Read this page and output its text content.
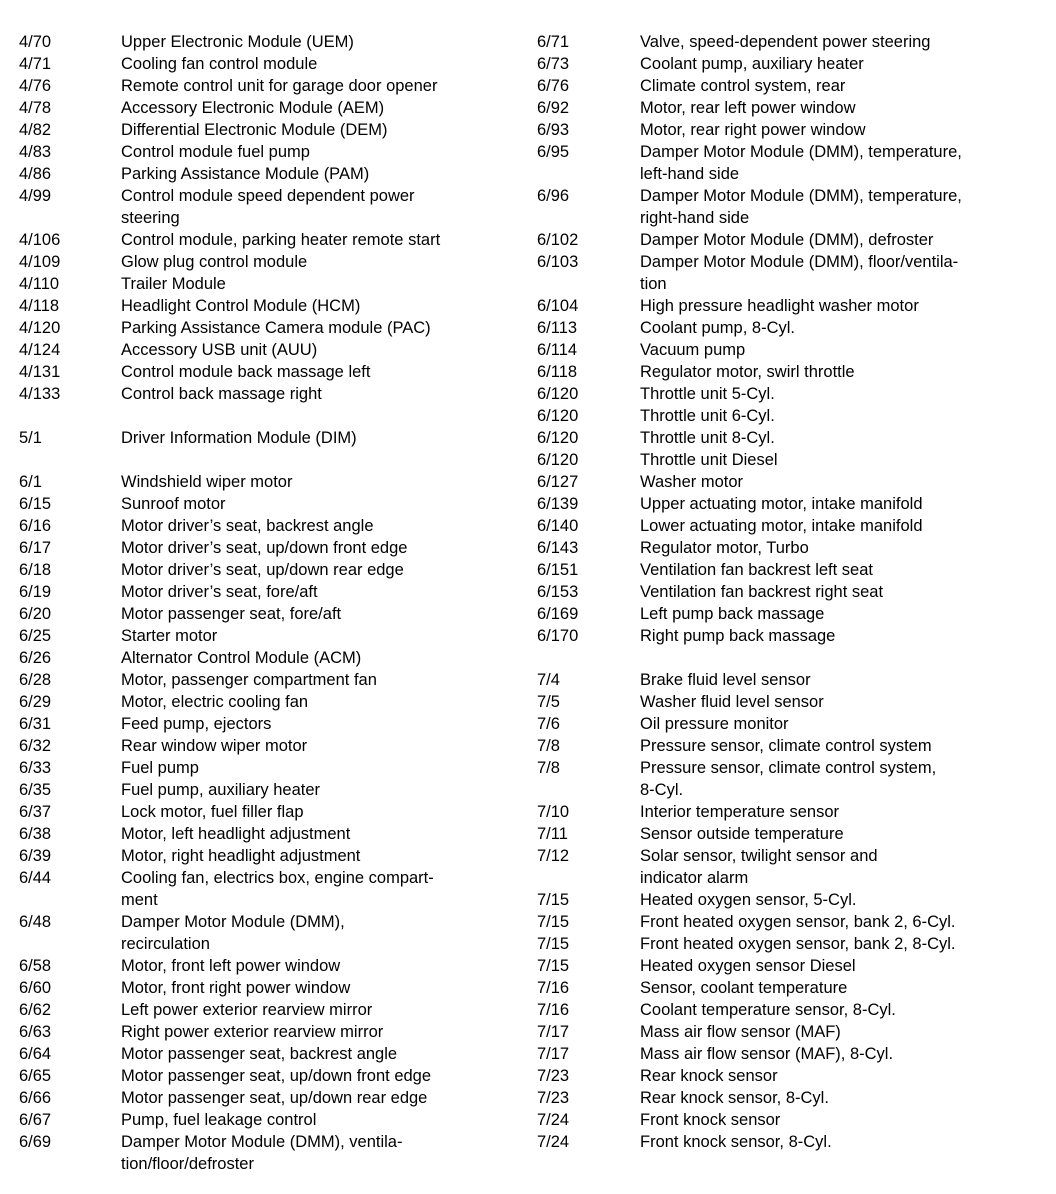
4/70	Upper Electronic Module (UEM)
4/71	Cooling fan control module
4/76	Remote control unit for garage door opener
4/78	Accessory Electronic Module (AEM)
4/82	Differential Electronic Module (DEM)
4/83	Control module fuel pump
4/86	Parking Assistance Module (PAM)
4/99	Control module speed dependent power
steering
4/106	Control module, parking heater remote start
4/109	Glow plug control module
4/110	Trailer Module
4/118	Headlight Control Module (HCM)
4/120	Parking Assistance Camera module (PAC)
4/124	Accessory USB unit (AUU)
4/131	Control module back massage left
4/133	Control back massage right
5/1	Driver Information Module (DIM)
6/1	Windshield wiper motor
6/15	Sunroof motor
6/16	Motor driver’s seat, backrest angle
6/17	Motor driver’s seat, up/down front edge
6/18	Motor driver’s seat, up/down rear edge
6/19	Motor driver’s seat, fore/aft
6/20	Motor passenger seat, fore/aft
6/25	Starter motor
6/26	Alternator Control Module (ACM)
6/28	Motor, passenger compartment fan
6/29	Motor, electric cooling fan
6/31	Feed pump, ejectors
6/32	Rear window wiper motor
6/33	Fuel pump
6/35	Fuel pump, auxiliary heater
6/37	Lock motor, fuel filler flap
6/38	Motor, left headlight adjustment
6/39	Motor, right headlight adjustment
6/44	Cooling fan, electrics box, engine compart-
ment
6/48	Damper Motor Module (DMM),
recirculation
6/58	Motor, front left power window
6/60	Motor, front right power window
6/62	Left power exterior rearview mirror
6/63	Right power exterior rearview mirror
6/64	Motor passenger seat, backrest angle
6/65	Motor passenger seat, up/down front edge
6/66	Motor passenger seat, up/down rear edge
6/67	Pump, fuel leakage control
6/69	Damper Motor Module (DMM), ventila-
tion/floor/defroster
6/71	Valve, speed-dependent power steering
6/73	Coolant pump, auxiliary heater
6/76	Climate control system, rear
6/92	Motor, rear left power window
6/93	Motor, rear right power window
6/95	Damper Motor Module (DMM), temperature,
left-hand side
6/96	Damper Motor Module (DMM), temperature,
right-hand side
6/102	Damper Motor Module (DMM), defroster
6/103	Damper Motor Module (DMM), floor/ventila-
tion
6/104	High pressure headlight washer motor
6/113	Coolant pump, 8-Cyl.
6/114	Vacuum pump
6/118	Regulator motor, swirl throttle
6/120	Throttle unit 5-Cyl.
6/120	Throttle unit 6-Cyl.
6/120	Throttle unit 8-Cyl.
6/120	Throttle unit Diesel
6/127	Washer motor
6/139	Upper actuating motor, intake manifold
6/140	Lower actuating motor, intake manifold
6/143	Regulator motor, Turbo
6/151	Ventilation fan backrest left seat
6/153	Ventilation fan backrest right seat
6/169	Left pump back massage
6/170	Right pump back massage
7/4	Brake fluid level sensor
7/5	Washer fluid level sensor
7/6	Oil pressure monitor
7/8	Pressure sensor, climate control system
7/8	Pressure sensor, climate control system,
8-Cyl.
7/10	Interior temperature sensor
7/11	Sensor outside temperature
7/12	Solar sensor, twilight sensor and
indicator alarm
7/15	Heated oxygen sensor, 5-Cyl.
7/15	Front heated oxygen sensor, bank 2, 6-Cyl.
7/15	Front heated oxygen sensor, bank 2, 8-Cyl.
7/15	Heated oxygen sensor Diesel
7/16	Sensor, coolant temperature
7/16	Coolant temperature sensor, 8-Cyl.
7/17	Mass air flow sensor (MAF)
7/17	Mass air flow sensor (MAF), 8-Cyl.
7/23	Rear knock sensor
7/23	Rear knock sensor, 8-Cyl.
7/24	Front knock sensor
7/24	Front knock sensor, 8-Cyl.
